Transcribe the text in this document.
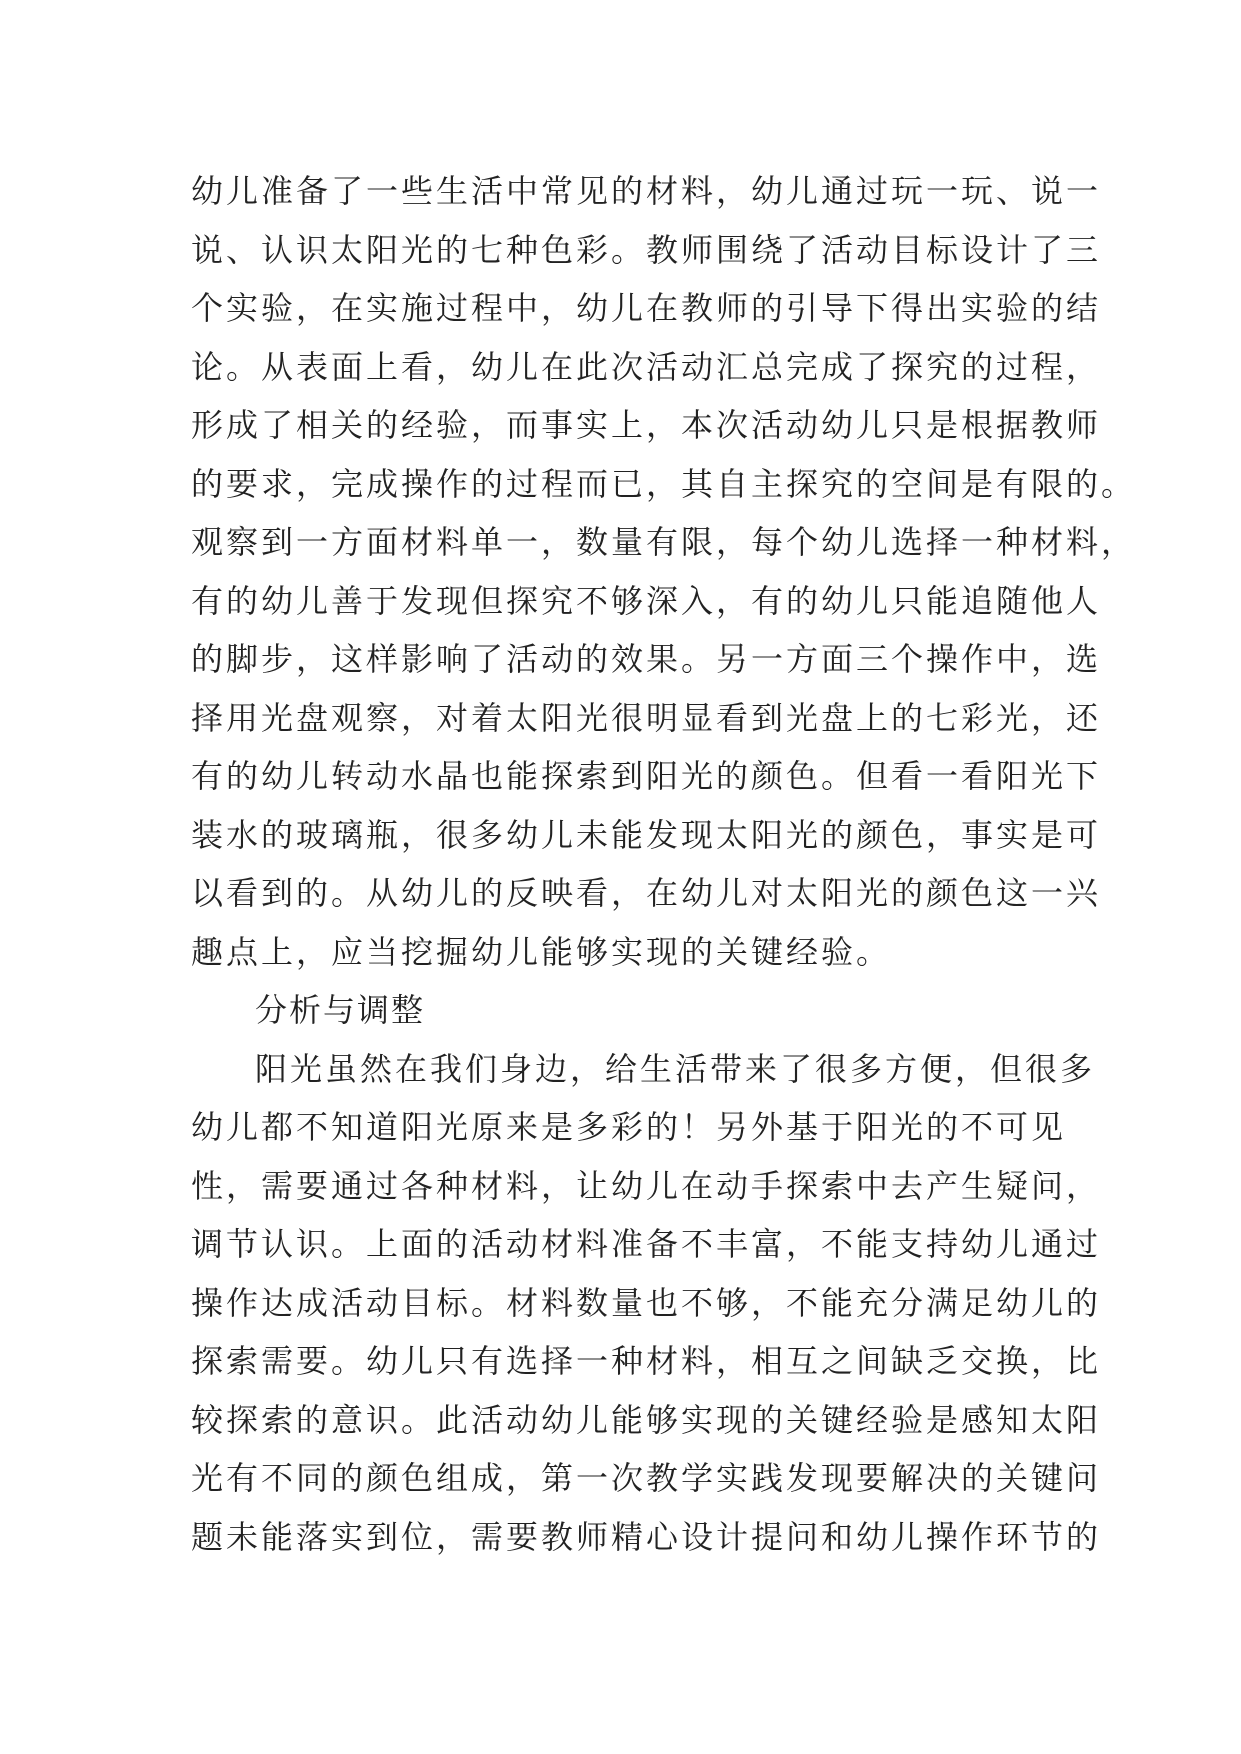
幼儿准备了一些生活中常见的材料，幼儿通过玩一玩、说一
说、认识太阳光的七种色彩。教师围绕了活动目标设计了三
个实验，在实施过程中，幼儿在教师的引导下得出实验的结
论。从表面上看，幼儿在此次活动汇总完成了探究的过程，
形成了相关的经验，而事实上，本次活动幼儿只是根据教师
的要求，完成操作的过程而已，其自主探究的空间是有限的。
观察到一方面材料单一，数量有限，每个幼儿选择一种材料，
有的幼儿善于发现但探究不够深入，有的幼儿只能追随他人
的脚步，这样影响了活动的效果。另一方面三个操作中，选
择用光盘观察，对着太阳光很明显看到光盘上的七彩光，还
有的幼儿转动水晶也能探索到阳光的颜色。但看一看阳光下
装水的玻璃瓶，很多幼儿未能发现太阳光的颜色，事实是可
以看到的。从幼儿的反映看，在幼儿对太阳光的颜色这一兴
趣点上，应当挖掘幼儿能够实现的关键经验。
分析与调整
阳光虽然在我们身边，给生活带来了很多方便，但很多
幼儿都不知道阳光原来是多彩的！另外基于阳光的不可见
性，需要通过各种材料，让幼儿在动手探索中去产生疑问，
调节认识。上面的活动材料准备不丰富，不能支持幼儿通过
操作达成活动目标。材料数量也不够，不能充分满足幼儿的
探索需要。幼儿只有选择一种材料，相互之间缺乏交换，比
较探索的意识。此活动幼儿能够实现的关键经验是感知太阳
光有不同的颜色组成，第一次教学实践发现要解决的关键问
题未能落实到位，需要教师精心设计提问和幼儿操作环节的
